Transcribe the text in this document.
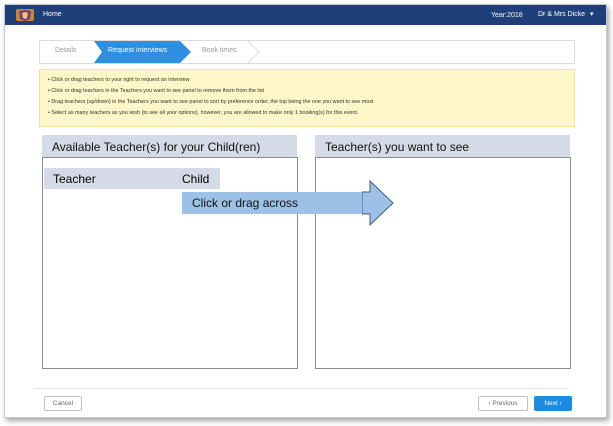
Home	Year:2018 Dr & Mrs Dicke ▾
Details	Request interviews	Book times
• Click or drag teachers to your right to request an interview
• Click or drag teachers in the Teachers you want to see panel to remove them from the list
• Drag teachers (up/down) in the Teachers you want to see panel to sort by preference order, the top being the one you want to see most
• Select as many teachers as you wish (to see all your options), however, you are allowed to make only 1 booking(s) for this event.
Available Teacher(s) for your Child(ren)	Teacher(s) you want to see
Teacher	Child
Click or drag across
Cancel	‹ Previous	Next ›
